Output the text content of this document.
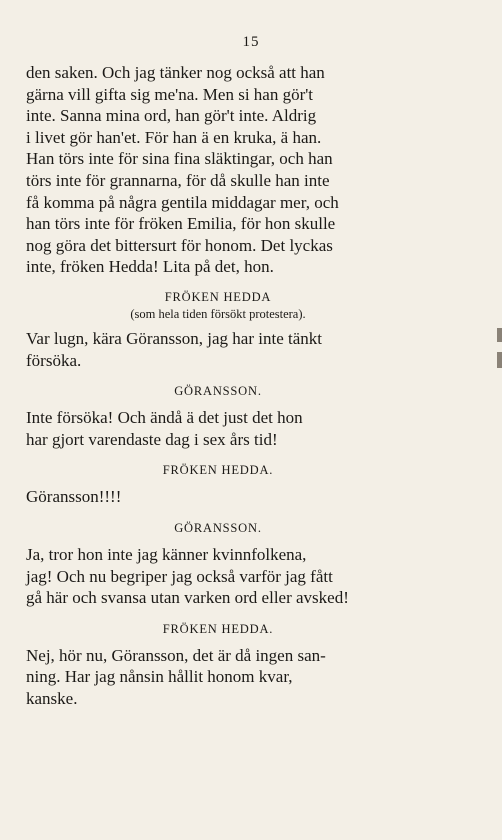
15
den saken. Och jag tänker nog också att han
gärna vill gifta sig me'na. Men si han gör't
inte. Sanna mina ord, han gör't inte. Aldrig
i livet gör han'et. För han ä en kruka, ä han.
Han törs inte för sina fina släktingar, och han
törs inte för grannarna, för då skulle han inte
få komma på några gentila middagar mer, och
han törs inte för fröken Emilia, för hon skulle
nog göra det bittersurt för honom. Det lyckas
inte, fröken Hedda! Lita på det, hon.
FRÖKEN HEDDA
(som hela tiden försökt protestera).
Var lugn, kära Göransson, jag har inte tänkt
försöka.
GÖRANSSON.
Inte försöka! Och ändå ä det just det hon
har gjort varendaste dag i sex års tid!
FRÖKEN HEDDA.
Göransson!!!!
GÖRANSSON.
Ja, tror hon inte jag känner kvinnfolkena,
jag! Och nu begriper jag också varför jag fått
gå här och svansa utan varken ord eller avsked!
FRÖKEN HEDDA.
Nej, hör nu, Göransson, det är då ingen san-
ning. Har jag nånsin hållit honom kvar,
kanske.
